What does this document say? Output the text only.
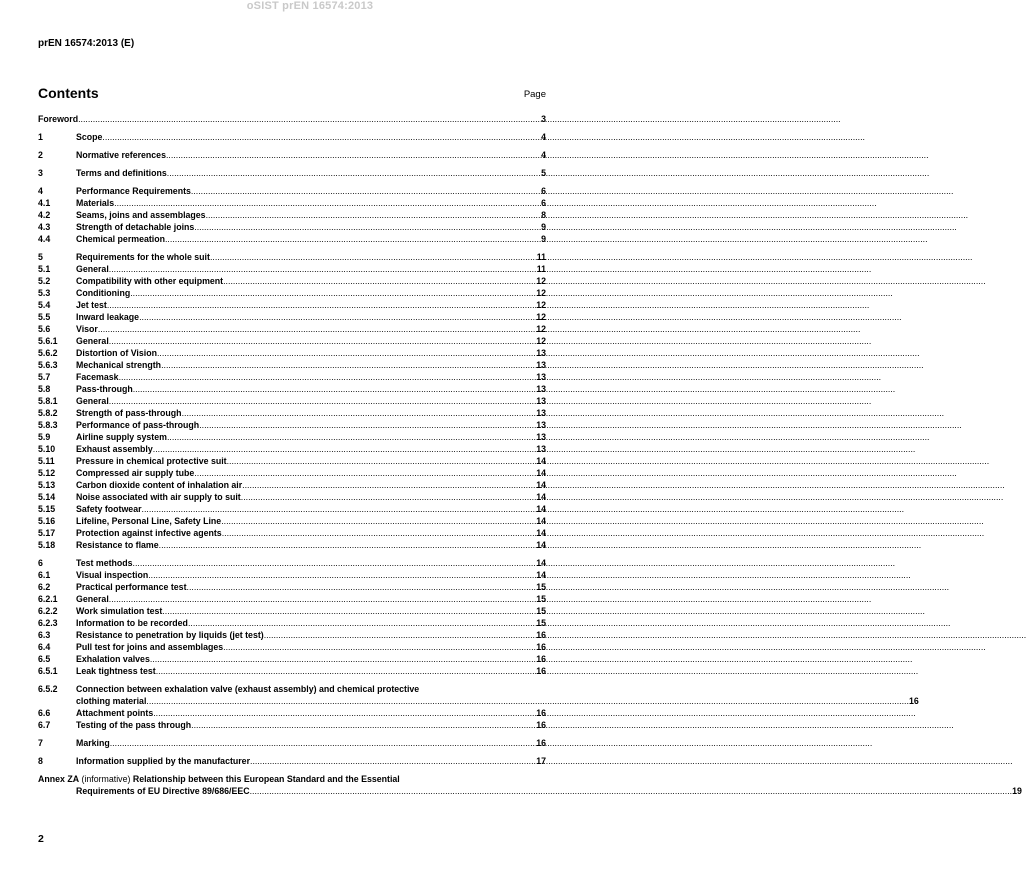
oSIST prEN 16574:2013
prEN 16574:2013 (E)
Contents	Page
Foreword .....	3
1	Scope .....	4
2	Normative references .....	4
3	Terms and definitions .....	5
4	Performance Requirements .....	6
4.1	Materials .....	6
4.2	Seams, joins and assemblages .....	8
4.3	Strength of detachable joins .....	9
4.4	Chemical permeation .....	9
5	Requirements for the whole suit .....	11
5.1	General .....	11
5.2	Compatibility with other equipment .....	12
5.3	Conditioning .....	12
5.4	Jet test .....	12
5.5	Inward leakage .....	12
5.6	Visor .....	12
5.6.1	General .....	12
5.6.2	Distortion of Vision .....	13
5.6.3	Mechanical strength .....	13
5.7	Facemask .....	13
5.8	Pass-through .....	13
5.8.1	General .....	13
5.8.2	Strength of pass-through .....	13
5.8.3	Performance of pass-through .....	13
5.9	Airline supply system .....	13
5.10	Exhaust assembly .....	13
5.11	Pressure in chemical protective suit .....	14
5.12	Compressed air supply tube .....	14
5.13	Carbon dioxide content of inhalation air .....	14
5.14	Noise associated with air supply to suit .....	14
5.15	Safety footwear .....	14
5.16	Lifeline, Personal Line, Safety Line .....	14
5.17	Protection against infective agents .....	14
5.18	Resistance to flame .....	14
6	Test methods .....	14
6.1	Visual inspection .....	14
6.2	Practical performance test .....	15
6.2.1	General .....	15
6.2.2	Work simulation test .....	15
6.2.3	Information to be recorded .....	15
6.3	Resistance to penetration by liquids (jet test) .....	16
6.4	Pull test for joins and assemblages .....	16
6.5	Exhalation valves .....	16
6.5.1	Leak tightness test .....	16
6.5.2	Connection between exhalation valve (exhaust assembly) and chemical protective
clothing material .....	16
6.6	Attachment points .....	16
6.7	Testing of the pass through .....	16
7	Marking .....	16
8	Information supplied by the manufacturer .....	17
Annex ZA (informative) Relationship between this European Standard and the Essential
Requirements of EU Directive 89/686/EEC .....	19
2
